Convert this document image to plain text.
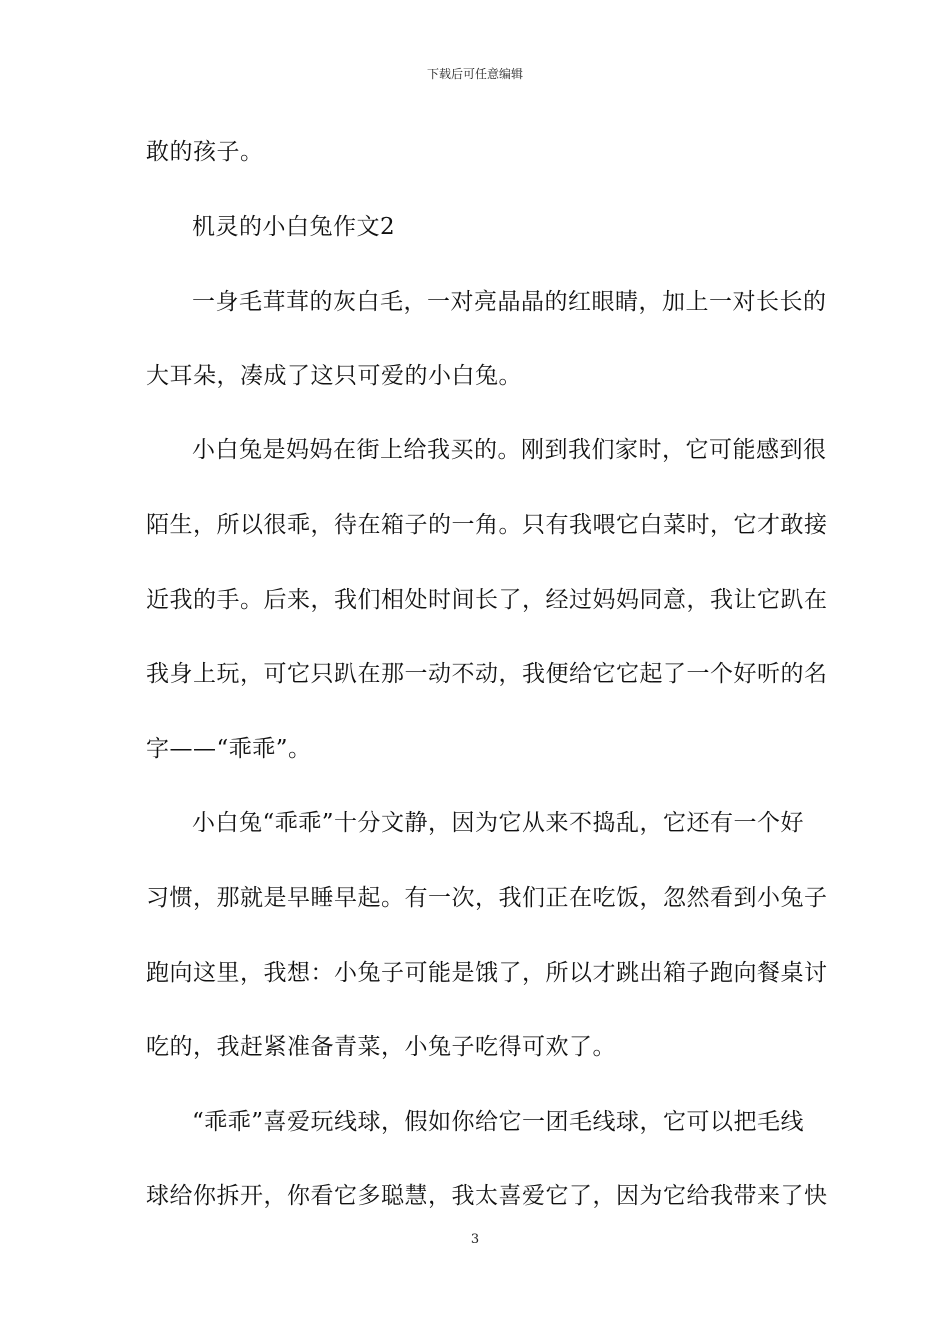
下载后可任意编辑
敢的孩子。
机灵的小白兔作文2
一身毛茸茸的灰白毛，一对亮晶晶的红眼睛，加上一对长长的
大耳朵，凑成了这只可爱的小白兔。
小白兔是妈妈在街上给我买的。刚到我们家时，它可能感到很
陌生，所以很乖，待在箱子的一角。只有我喂它白菜时，它才敢接
近我的手。后来，我们相处时间长了，经过妈妈同意，我让它趴在
我身上玩，可它只趴在那一动不动，我便给它它起了一个好听的名
字——“乖乖”。
小白兔“乖乖”十分文静，因为它从来不捣乱，它还有一个好
习惯，那就是早睡早起。有一次，我们正在吃饭，忽然看到小兔子
跑向这里，我想：小兔子可能是饿了，所以才跳出箱子跑向餐桌讨
吃的，我赶紧准备青菜，小兔子吃得可欢了。
“乖乖”喜爱玩线球，假如你给它一团毛线球，它可以把毛线
球给你拆开，你看它多聪慧，我太喜爱它了，因为它给我带来了快
3
